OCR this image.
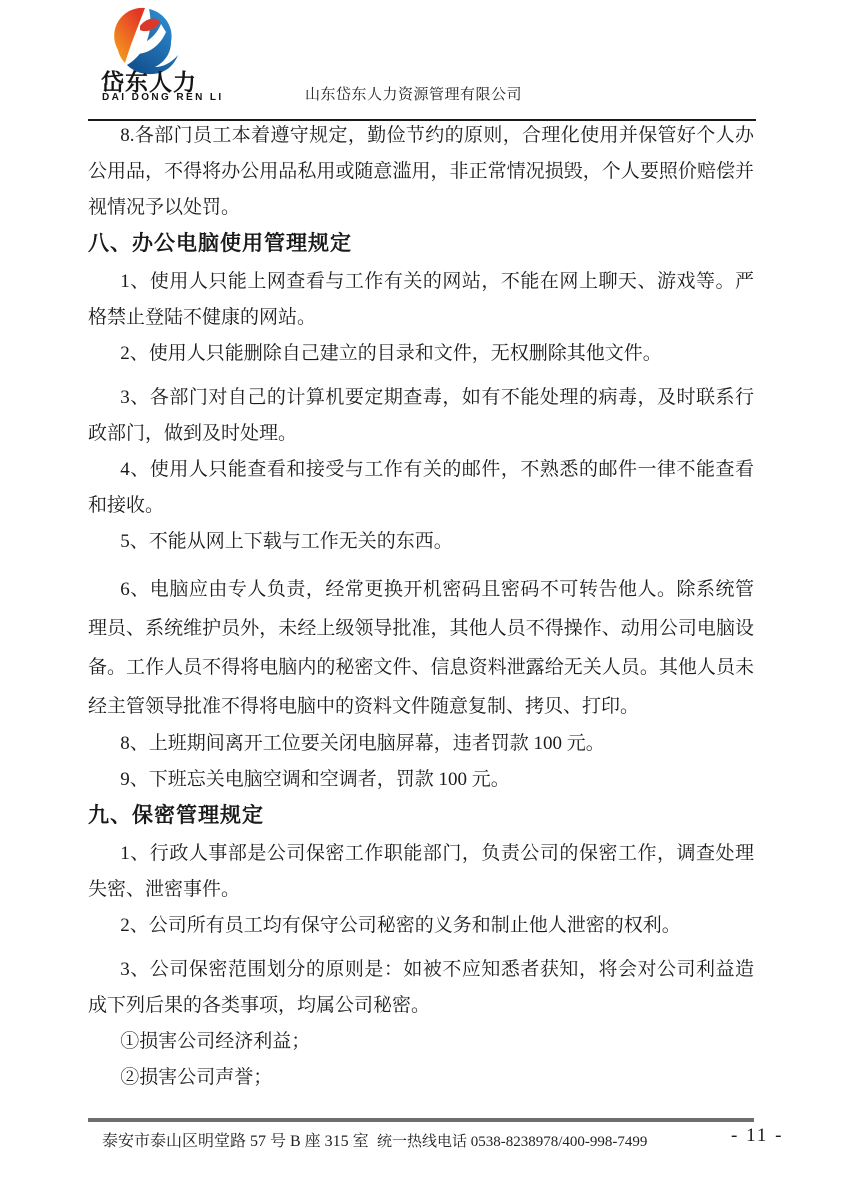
岱东人力
DAI DONG REN LI	山东岱东人力资源管理有限公司

8.各部门员工本着遵守规定，勤俭节约的原则，合理化使用并保管好个人办公用品，不得将办公用品私用或随意滥用，非正常情况损毁，个人要照价赔偿并视情况予以处罚。

八、办公电脑使用管理规定

1、使用人只能上网查看与工作有关的网站，不能在网上聊天、游戏等。严格禁止登陆不健康的网站。

2、使用人只能删除自己建立的目录和文件，无权删除其他文件。

3、各部门对自己的计算机要定期查毒，如有不能处理的病毒，及时联系行政部门，做到及时处理。

4、使用人只能查看和接受与工作有关的邮件，不熟悉的邮件一律不能查看和接收。

5、不能从网上下载与工作无关的东西。

6、电脑应由专人负责，经常更换开机密码且密码不可转告他人。除系统管理员、系统维护员外，未经上级领导批准，其他人员不得操作、动用公司电脑设备。工作人员不得将电脑内的秘密文件、信息资料泄露给无关人员。其他人员未经主管领导批准不得将电脑中的资料文件随意复制、拷贝、打印。

8、上班期间离开工位要关闭电脑屏幕，违者罚款 100 元。

9、下班忘关电脑空调和空调者，罚款 100 元。

九、保密管理规定

1、行政人事部是公司保密工作职能部门，负责公司的保密工作，调查处理失密、泄密事件。

2、公司所有员工均有保守公司秘密的义务和制止他人泄密的权利。

3、公司保密范围划分的原则是：如被不应知悉者获知，将会对公司利益造成下列后果的各类事项，均属公司秘密。

①损害公司经济利益；

②损害公司声誉；

泰安市泰山区明堂路 57 号 B 座 315 室 统一热线电话 0538-8238978/400-998-7499	- 11 -
